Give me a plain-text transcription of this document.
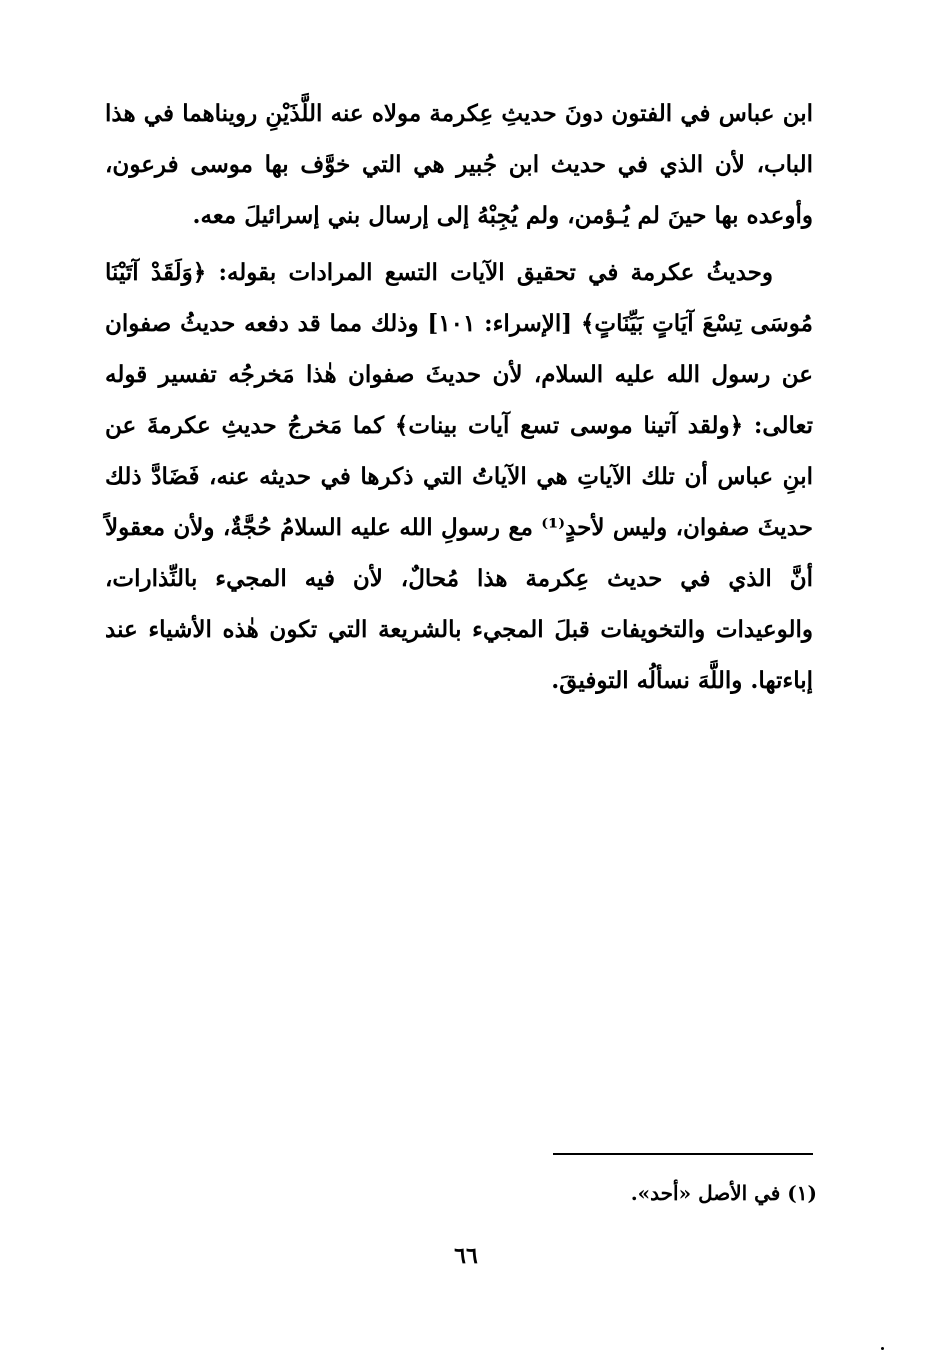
ابن عباس في الفتون دونَ حديثِ عِكرمة مولاه عنه اللَّذَيْنِ رويناهما في هذا الباب، لأن الذي في حديث ابن جُبير هي التي خوَّف بها موسى فرعون، وأوعده بها حينَ لم يُـؤمن، ولم يُجِبْهُ إلى إرسال بني إسرائيلَ معه.

وحديثُ عكرمة في تحقيق الآيات التسع المرادات بقوله: ﴿وَلَقَدْ آتَيْنَا مُوسَى تِسْعَ آيَاتٍ بَيِّنَاتٍ﴾ [الإسراء: ١٠١] وذلك مما قد دفعه حديثُ صفوان عن رسول الله عليه السلام، لأن حديثَ صفوان هٰذا مَخرجُه تفسير قوله تعالى: ﴿ولقد آتينا موسى تسع آيات بينات﴾ كما مَخرجُ حديثِ عكرمةَ عن ابنِ عباس أن تلك الآياتِ هي الآياتُ التي ذكرها في حديثه عنه، فَضَادَّ ذلك حديثَ صفوان، وليس لأحدٍ⁽¹⁾ مع رسولِ الله عليه السلامُ حُجَّةٌ، ولأن معقولاً أنَّ الذي في حديث عِكرمة هذا مُحالٌ، لأن فيه المجيء بالنِّذارات، والوعيدات والتخويفات قبلَ المجيء بالشريعة التي تكون هٰذه الأشياء عند إباءتها. واللَّهَ نسألُه التوفيقَ.

(١) في الأصل «أحد».
٦٦
